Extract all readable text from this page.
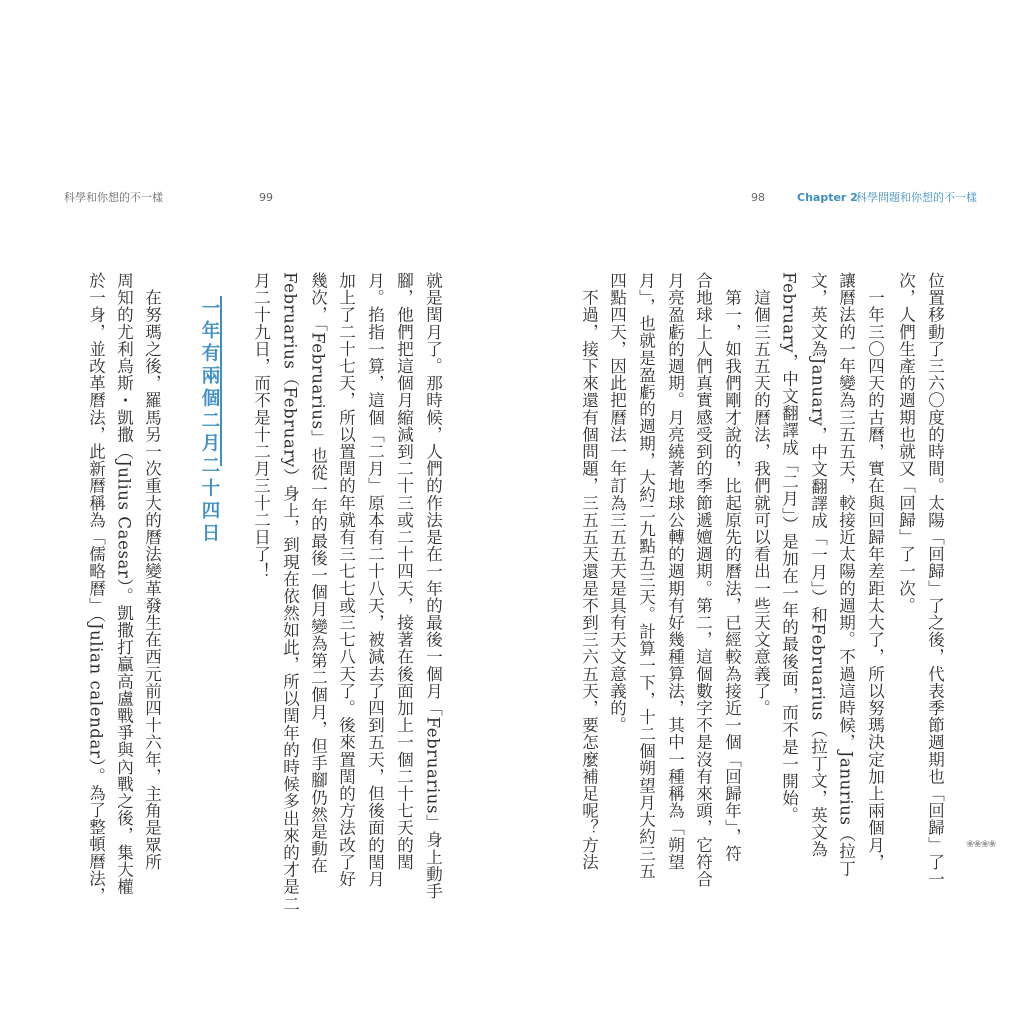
科學和你想的不一樣	99	98	Chapter 2
科學問題和你想的不一樣
一年有兩個二月二十四日	就是閏月了。那時候，人們的作法是在一年的最後一個月「Februarius」身上動手
腳，他們把這個月縮減到二十三或二十四天，接著在後面加上一個二十七天的閏
月。掐指一算，這個「二月」原本有二十八天，被減去了四到五天，但後面的閏月
加上了二十七天，所以置閏的年就有三七七或三七八天了。後來置閏的方法改了好
幾次，「Februarius」也從一年的最後一個月變為第二個月，但手腳仍然是動在
Februarius（February）身上，到現在依然如此，所以閏年的時候多出來的才是二
月二十九日，而不是十二月三十二日了！
　在努瑪之後，羅馬另一次重大的曆法變革發生在西元前四十六年，主角是眾所
周知的尤利烏斯・凱撒（Julius Caesar）。凱撒打贏高盧戰爭與內戰之後，集大權
於一身，並改革曆法，此新曆稱為「儒略曆」（Julian calendar）。為了整頓曆法，	位置移動了三六〇度的時間。太陽「回歸」了之後，代表季節週期也「回歸」了一
次，人們生產的週期也就又「回歸」了一次。
　一年三〇四天的古曆，實在與回歸年差距太大了，所以努瑪決定加上兩個月，
讓曆法的一年變為三五五天，較接近太陽的週期。不過這時候，Janurius（拉丁
文，英文為January，中文翻譯成「一月」）和Februarius（拉丁文，英文為
February，中文翻譯成「二月」）是加在一年的最後面，而不是一開始。
　這個三五五天的曆法，我們就可以看出一些天文意義了。
　第一，如我們剛才說的，比起原先的曆法，已經較為接近一個「回歸年」，符
合地球上人們真實感受到的季節遞嬗週期。第二，這個數字不是沒有來頭，它符合
月亮盈虧的週期。月亮繞著地球公轉的週期有好幾種算法，其中一種稱為「朔望
月」，也就是盈虧的週期，大約二九點五三天。計算一下，十二個朔望月大約三五
四點四天，因此把曆法一年訂為三五五天是具有天文意義的。
　不過，接下來還有個問題，三五五天還是不到三六五天，要怎麼補足呢？方法	❀❀❀❀
